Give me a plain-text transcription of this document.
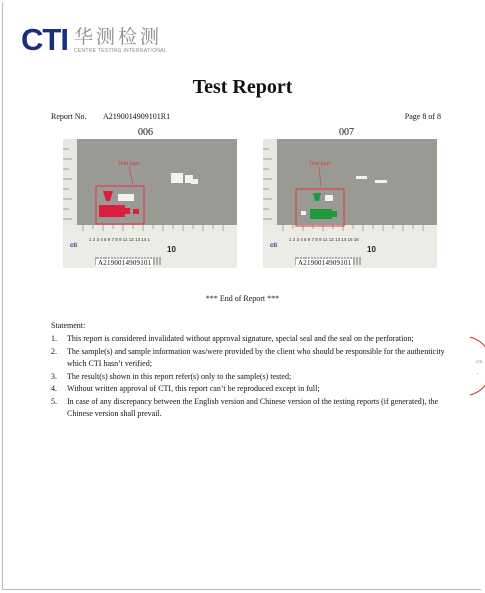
CTI 华测检测
CENTRE TESTING INTERNATIONAL
Test Report
Report No. A2190014909101R1	Page 8 of 8
006
1 2 3 4 5 6 7 8 9 11 12 13 14 1
cti	10
Test part
A2190014909101
007
1 2 3 4 5 6 7 8 9 11 12 13 14 15 16
cti	10
Test part
A2190014909101
*** End of Report ***
Statement:
1. This report is considered invalidated without approval signature, special seal and the seal on the perforation;
2. The sample(s) and sample information was/were provided by the client who should be responsible for the authenticity which CTI hasn’t verified;
3. The result(s) shown in this report refer(s) only to the sample(s) tested;
4. Without written approval of CTI, this report can’t be reproduced except in full;
5. In case of any discrepancy between the English version and Chinese version of the testing reports (if generated), the Chinese version shall prevail.
CTI
*
